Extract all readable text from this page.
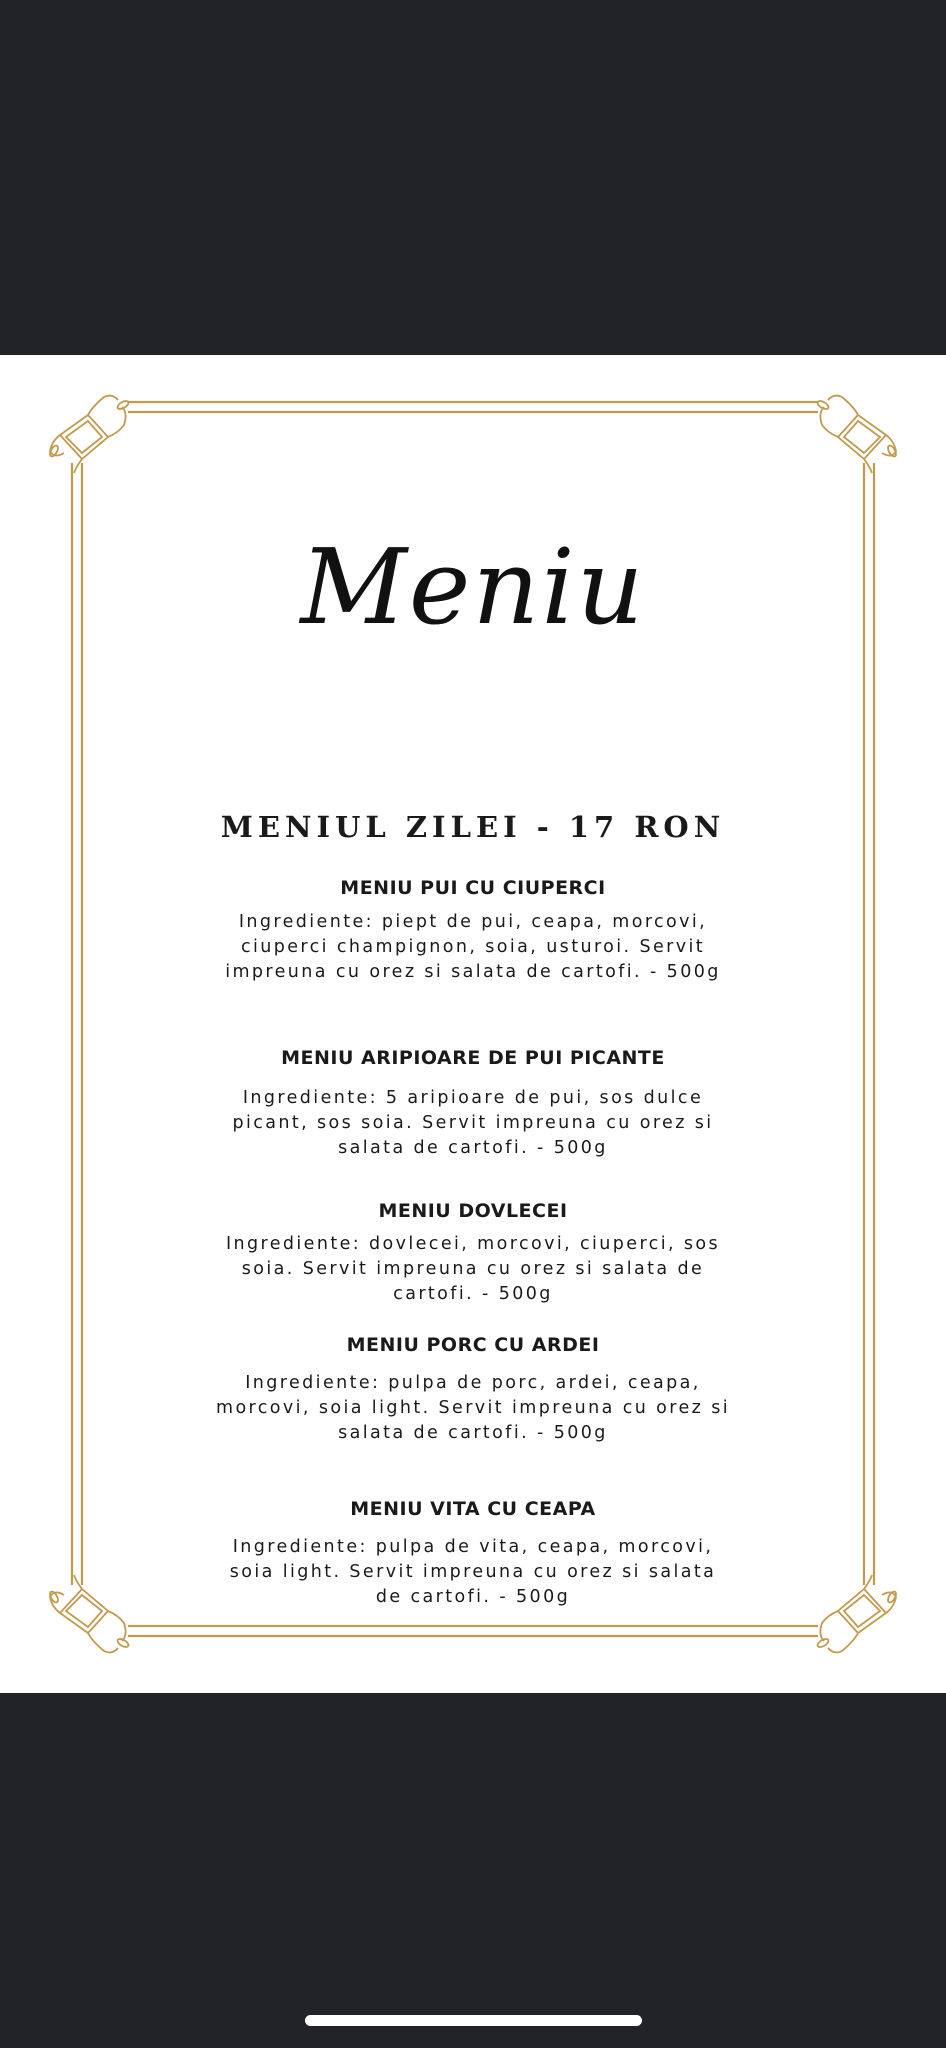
Meniu
MENIUL ZILEI - 17 RON
MENIU PUI CU CIUPERCI
Ingrediente: piept de pui, ceapa, morcovi, ciuperci champignon, soia, usturoi. Servit impreuna cu orez si salata de cartofi. - 500g
MENIU ARIPIOARE DE PUI PICANTE
Ingrediente: 5 aripioare de pui, sos dulce picant, sos soia. Servit impreuna cu orez si salata de cartofi. - 500g
MENIU DOVLECEI
Ingrediente: dovlecei, morcovi, ciuperci, sos soia. Servit impreuna cu orez si salata de cartofi. - 500g
MENIU PORC CU ARDEI
Ingrediente: pulpa de porc, ardei, ceapa, morcovi, soia light. Servit impreuna cu orez si salata de cartofi. - 500g
MENIU VITA CU CEAPA
Ingrediente: pulpa de vita, ceapa, morcovi, soia light. Servit impreuna cu orez si salata de cartofi. - 500g
